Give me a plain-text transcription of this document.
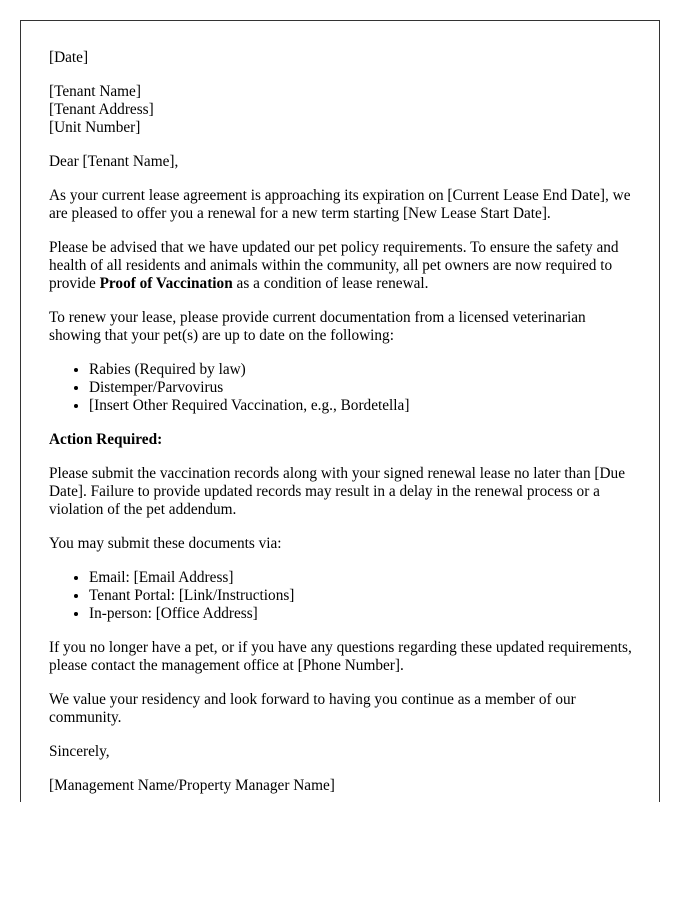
[Date]

[Tenant Name]
[Tenant Address]
[Unit Number]

Dear [Tenant Name],

As your current lease agreement is approaching its expiration on [Current Lease End Date], we are pleased to offer you a renewal for a new term starting [New Lease Start Date].

Please be advised that we have updated our pet policy requirements. To ensure the safety and health of all residents and animals within the community, all pet owners are now required to provide Proof of Vaccination as a condition of lease renewal.

To renew your lease, please provide current documentation from a licensed veterinarian showing that your pet(s) are up to date on the following:

• Rabies (Required by law)
• Distemper/Parvovirus
• [Insert Other Required Vaccination, e.g., Bordetella]

Action Required:

Please submit the vaccination records along with your signed renewal lease no later than [Due Date]. Failure to provide updated records may result in a delay in the renewal process or a violation of the pet addendum.

You may submit these documents via:

• Email: [Email Address]
• Tenant Portal: [Link/Instructions]
• In-person: [Office Address]

If you no longer have a pet, or if you have any questions regarding these updated requirements, please contact the management office at [Phone Number].

We value your residency and look forward to having you continue as a member of our community.

Sincerely,

[Management Name/Property Manager Name]
